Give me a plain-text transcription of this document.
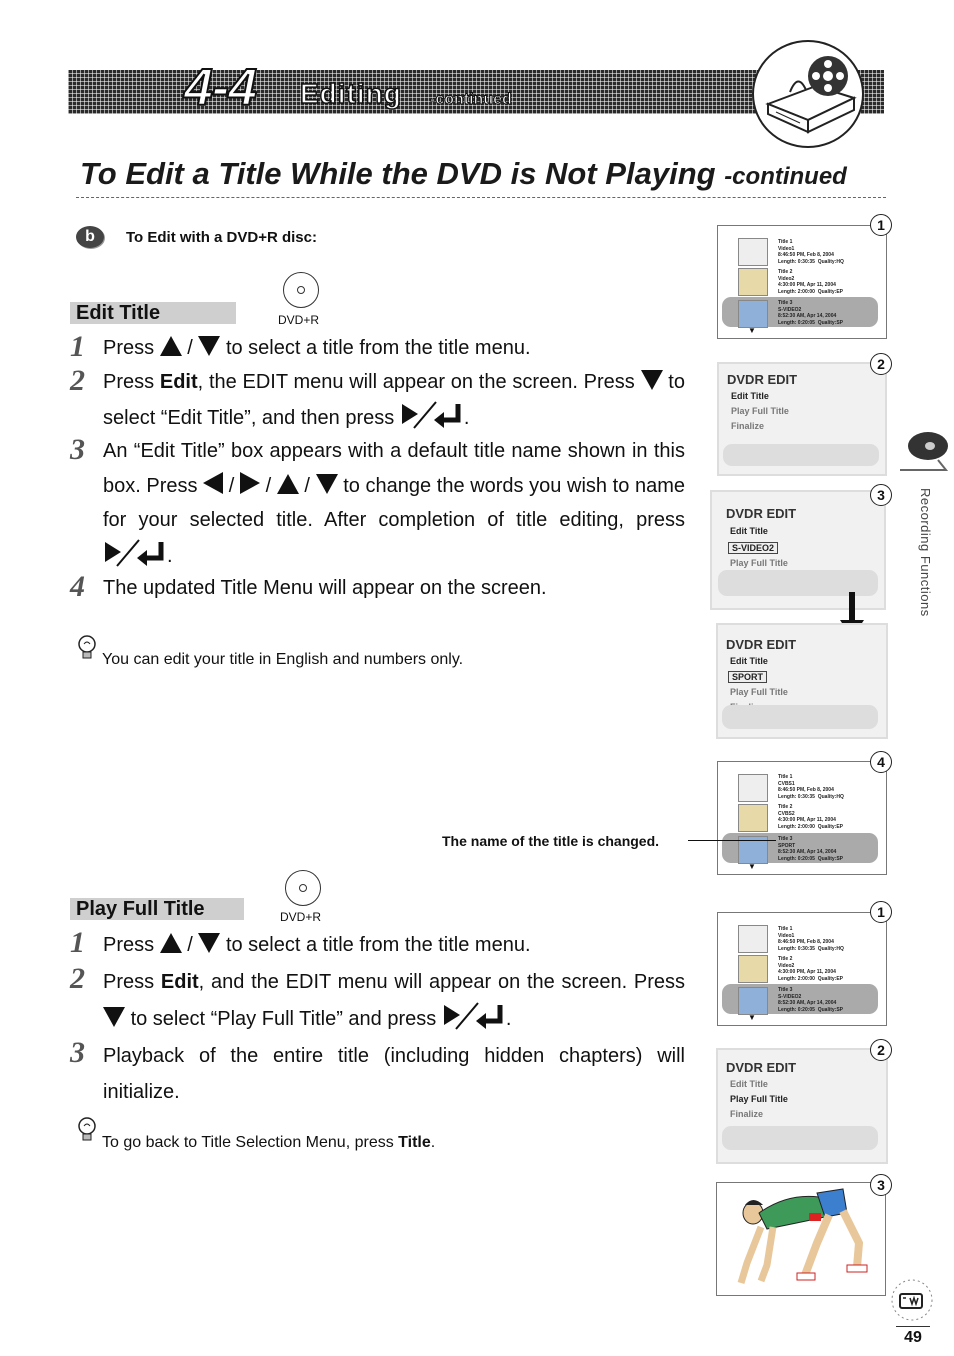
4-4 Editing -continued
To Edit a Title While the DVD is Not Playing -continued
b	To Edit with a DVD+R disc:
Edit Title	DVD+R
1 Press / to select a title from the title menu.
2 Press Edit, the EDIT menu will appear on the screen. Press to select “Edit Title”, and then press	.
3 An “Edit Title” box appears with a default title name shown in this box. Press / / / to change the words you wish to name for your selected title. After completion of title editing, press .
4 The updated Title Menu will appear on the screen.
You can edit your title in English and numbers only.
Play Full Title	DVD+R
1 Press / to select a title from the title menu.
2 Press Edit, and the EDIT menu will appear on the screen. Press  to select “Play Full Title” and press	.
3 Playback of the entire title (including hidden chapters) will initialize.
To go back to Title Selection Menu, press Title.
Title 1
Video1
8:46:50 PM, Feb 8, 2004
Length: 0:30:35  Quality:HQ
Title 2
Video2
4:30:00 PM, Apr 11, 2004
Length: 2:00:00  Quality:EP
Title 3
S-VIDEO2
8:52:30 AM, Apr 14, 2004
Length: 0:20:05  Quality:SP
▼
1
DVDR EDIT
Edit Title
Play Full Title
Finalize
2
DVDR EDIT
Edit Title
S-VIDEO2
Play Full Title
3
DVDR EDIT
Edit Title
SPORT
Play Full Title
Title 1
CVBS1
8:46:50 PM, Feb 8, 2004
Length: 0:30:35  Quality:HQ
Title 2
CVBS2
4:30:00 PM, Apr 11, 2004
Length: 2:00:00  Quality:EP
Title 3
SPORT
8:52:30 AM, Apr 14, 2004
Length: 0:20:05  Quality:SP
▼
4
The name of the title is changed.
Title 1
Video1
8:46:50 PM, Feb 8, 2004
Length: 0:30:35  Quality:HQ
Title 2
Video2
4:30:00 PM, Apr 11, 2004
Length: 2:00:00  Quality:EP
Title 3
S-VIDEO2
8:52:30 AM, Apr 14, 2004
Length: 0:20:05  Quality:SP
▼
1
DVDR EDIT
Edit Title
Play Full Title
Finalize
2
3
Recording Functions
49
